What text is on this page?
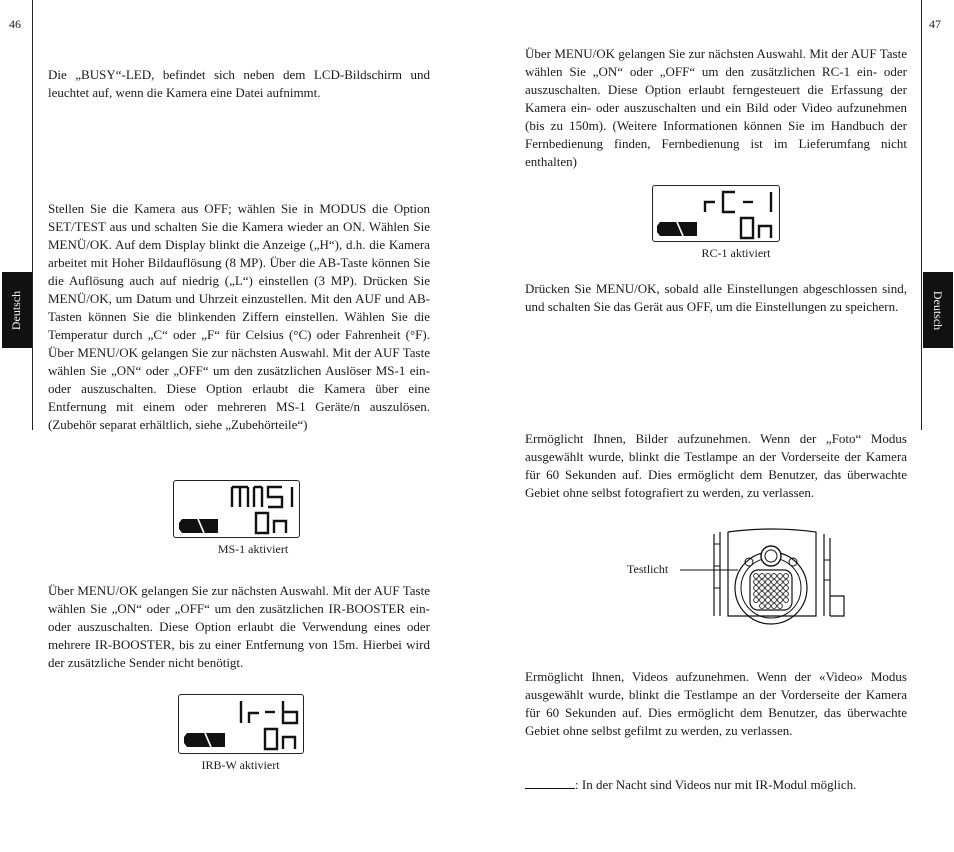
46
Deutsch

Die „BUSY“-LED, befindet sich neben dem LCD-Bildschirm und leuchtet auf, wenn die Kamera eine Datei aufnimmt.

Stellen Sie die Kamera aus OFF; wählen Sie in MODUS die Option SET/TEST aus und schalten Sie die Kamera wieder an ON. Wählen Sie MENÜ/OK. Auf dem Display blinkt die Anzeige („H“), d.h. die Kamera arbeitet mit Hoher Bildauflösung (8 MP). Über die AB-Taste können Sie die Auflösung auch auf niedrig („L“) einstellen (3 MP). Drücken Sie MENÜ/OK, um Datum und Uhrzeit einzustellen. Mit den AUF und AB-Tasten können Sie die blinkenden Ziffern einstellen. Wählen Sie die Temperatur durch „C“ oder „F“ für Celsius (°C) oder Fahrenheit (°F). Über MENU/OK gelangen Sie zur nächsten Auswahl. Mit der AUF Taste wählen Sie „ON“ oder „OFF“ um den zusätzlichen Auslöser MS-1 ein- oder auszuschalten. Diese Option erlaubt die Kamera über eine Entfernung mit einem oder mehreren MS-1 Geräte/n auszulösen. (Zubehör separat erhältlich, siehe „Zubehörteile“)

MS-1 aktiviert

Über MENU/OK gelangen Sie zur nächsten Auswahl. Mit der AUF Taste wählen Sie „ON“ oder „OFF“ um den zusätzlichen IR-BOOSTER ein- oder auszuschalten. Diese Option erlaubt die Verwendung eines oder mehrere IR-BOOSTER, bis zu einer Entfernung von 15m. Hierbei wird der zusätzliche Sender nicht benötigt.

IRB-W aktiviert
47
Deutsch

Über MENU/OK gelangen Sie zur nächsten Auswahl. Mit der AUF Taste wählen Sie „ON“ oder „OFF“ um den zusätzlichen RC-1 ein- oder auszuschalten. Diese Option erlaubt ferngesteuert die Erfassung der Kamera ein- oder auszuschalten und ein Bild oder Video aufzunehmen (bis zu 150m). (Weitere Informationen können Sie im Handbuch der Fernbedienung finden, Fernbedienung ist im Lieferumfang nicht enthalten)

RC-1 aktiviert

Drücken Sie MENU/OK, sobald alle Einstellungen abgeschlossen sind, und schalten Sie das Gerät aus OFF, um die Einstellungen zu speichern.

Ermöglicht Ihnen, Bilder aufzunehmen. Wenn der „Foto“ Modus ausgewählt wurde, blinkt die Testlampe an der Vorderseite der Kamera für 60 Sekunden auf. Dies ermöglicht dem Benutzer, das überwachte Gebiet ohne selbst fotografiert zu werden, zu verlassen.

Testlicht

Ermöglicht Ihnen, Videos aufzunehmen. Wenn der «Video» Modus ausgewählt wurde, blinkt die Testlampe an der Vorderseite der Kamera für 60 Sekunden auf. Dies ermöglicht dem Benutzer, das überwachte Gebiet ohne selbst gefilmt zu werden, zu verlassen.

: In der Nacht sind Videos nur mit IR-Modul möglich.
